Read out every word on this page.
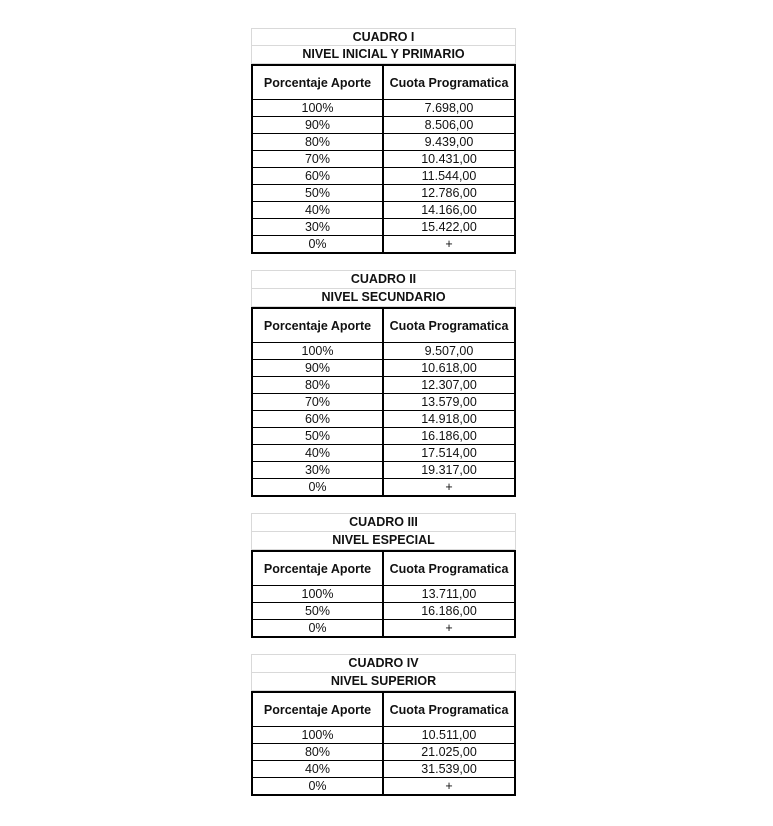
CUADRO I
NIVEL INICIAL Y PRIMARIO
Porcentaje Aporte	Cuota Programatica
100%	7.698,00
90%	8.506,00
80%	9.439,00
70%	10.431,00
60%	11.544,00
50%	12.786,00
40%	14.166,00
30%	15.422,00
0%	+
CUADRO II
NIVEL SECUNDARIO
Porcentaje Aporte	Cuota Programatica
100%	9.507,00
90%	10.618,00
80%	12.307,00
70%	13.579,00
60%	14.918,00
50%	16.186,00
40%	17.514,00
30%	19.317,00
0%	+
CUADRO III
NIVEL ESPECIAL
Porcentaje Aporte	Cuota Programatica
100%	13.711,00
50%	16.186,00
0%	+
CUADRO IV
NIVEL SUPERIOR
Porcentaje Aporte	Cuota Programatica
100%	10.511,00
80%	21.025,00
40%	31.539,00
0%	+
